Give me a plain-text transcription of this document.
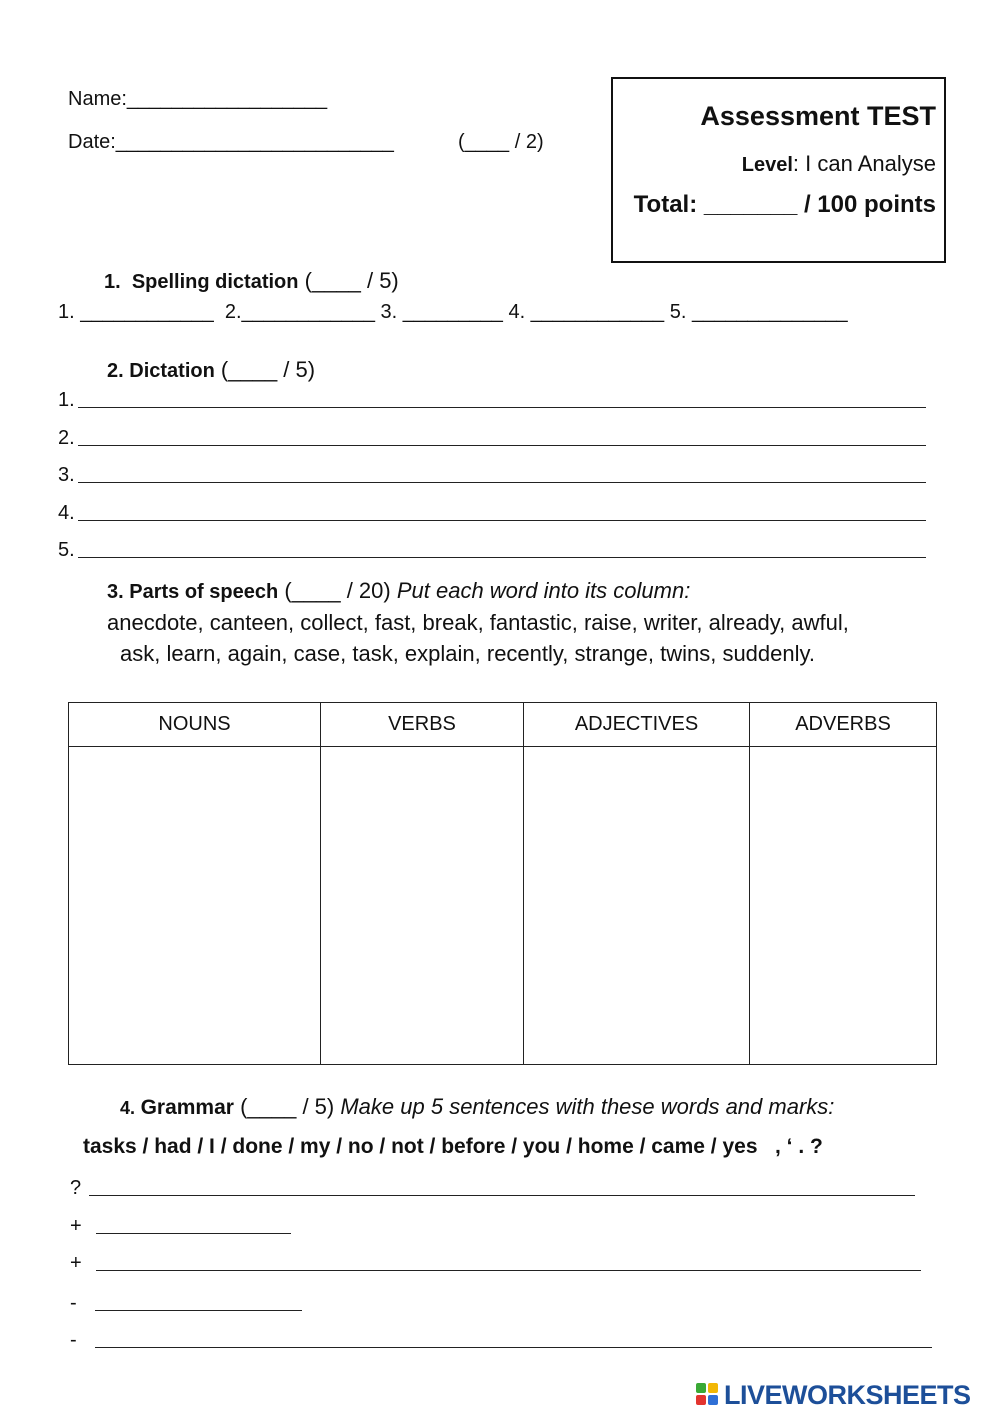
Name:__________________
Date:_________________________	(____ / 2)
Assessment TEST
Level: I can Analyse
Total: _______ / 100 points
1. Spelling dictation (____ / 5)
1. ____________  2.____________ 3. _________ 4. ____________ 5. ______________
2. Dictation (____ / 5)
1.
2.
3.
4.
5.
3. Parts of speech (____ / 20) Put each word into its column:
anecdote, canteen, collect, fast, break, fantastic, raise, writer, already, awful,
ask, learn, again, case, task, explain, recently, strange, twins, suddenly.
NOUNS	VERBS	ADJECTIVES	ADVERBS

4. Grammar (____ / 5) Make up 5 sentences with these words and marks:
tasks / had / I / done / my / no / not / before / you / home / came / yes   , ‘ . ?
?
+
+
-
-
LIVEWORKSHEETS
